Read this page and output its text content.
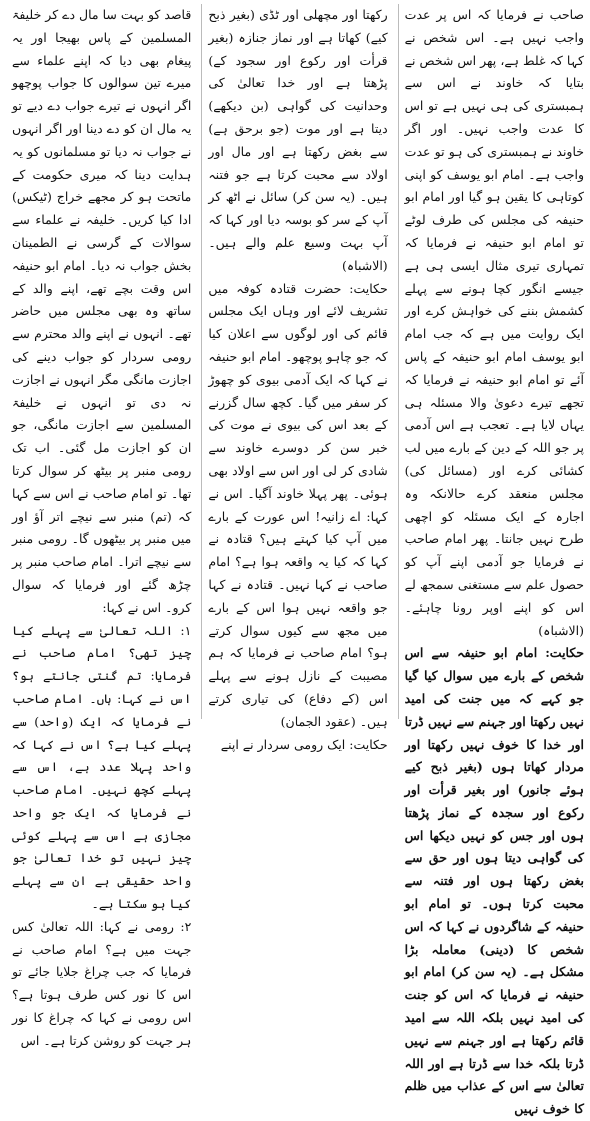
صاحب نے فرمایا کہ اس پر عدت واجب نہیں ہے۔ اس شخص نے کہا کہ غلط ہے، پھر اس شخص نے بتایا کہ خاوند نے اس سے ہمبستری کی ہی نہیں ہے تو اس کا عدت واجب نہیں۔ اور اگر خاوند نے ہمبستری کی ہو تو عدت واجب ہے۔ امام ابو یوسف کو اپنی کوتاہی کا یقین ہو گیا اور امام ابو حنیفہ کی مجلس کی طرف لوٹے تو امام ابو حنیفہ نے فرمایا کہ تمہاری تیری مثال ایسی ہی ہے جیسے انگور کچا ہونے سے پہلے کشمش بننے کی خواہش کرے اور ایک روایت میں ہے کہ جب امام ابو یوسف امام ابو حنیفہ کے پاس آئے تو امام ابو حنیفہ نے فرمایا کہ تجھے تیرے دعویٰ والا مسئلہ ہی یہاں لایا ہے۔ تعجب ہے اس آدمی پر جو اللہ کے دین کے بارے میں لب کشائی کرے اور (مسائل کی) مجلس منعقد کرے حالانکہ وہ اجارہ کے ایک مسئلہ کو اچھی طرح نہیں جانتا۔ پھر امام صاحب نے فرمایا جو آدمی اپنے آپ کو حصول علم سے مستغنی سمجھ لے اس کو اپنے اوپر رونا چاہئے۔ (الاشباہ)

حکایت: امام ابو حنیفہ سے اس شخص کے بارے میں سوال کیا گیا جو کہے کہ میں جنت کی امید نہیں رکھتا اور جہنم سے نہیں ڈرتا اور خدا کا خوف نہیں رکھتا اور مردار کھاتا ہوں (بغیر ذبح کیے ہوئے جانور) اور بغیر قرأت اور رکوع اور سجدہ کے نماز پڑھتا ہوں اور جس کو نہیں دیکھا اس کی گواہی دیتا ہوں اور حق سے بغض رکھتا ہوں اور فتنہ سے محبت کرتا ہوں۔ تو امام ابو حنیفہ کے شاگردوں نے کہا کہ اس شخص کا (دینی) معاملہ بڑا مشکل ہے۔ (یہ سن کر) امام ابو حنیفہ نے فرمایا کہ اس کو جنت کی امید نہیں بلکہ اللہ سے امید قائم رکھتا ہے اور جہنم سے نہیں ڈرتا بلکہ خدا سے ڈرتا ہے اور اللہ تعالیٰ سے اس کے عذاب میں ظلم کا خوف نہیں

رکھتا اور مچھلی اور ٹڈی (بغیر ذبح کیے) کھاتا ہے اور نماز جنازہ (بغیر قرأت اور رکوع اور سجود کے) پڑھتا ہے اور خدا تعالیٰ کی وحدانیت کی گواہی (بن دیکھے) دیتا ہے اور موت (جو برحق ہے) سے بغض رکھتا ہے اور مال اور اولاد سے محبت کرتا ہے جو فتنہ ہیں۔ (یہ سن کر) سائل نے اٹھ کر آپ کے سر کو بوسہ دیا اور کہا کہ آپ بہت وسیع علم والے ہیں۔ (الاشباہ)

حکایت: حضرت قتادہ کوفہ میں تشریف لائے اور وہاں ایک مجلس قائم کی اور لوگوں سے اعلان کیا کہ جو چاہو پوچھو۔ امام ابو حنیفہ نے کہا کہ ایک آدمی بیوی کو چھوڑ کر سفر میں گیا۔ کچھ سال گزرنے کے بعد اس کی بیوی نے موت کی خبر سن کر دوسرے خاوند سے شادی کر لی اور اس سے اولاد بھی ہوئی۔ پھر پہلا خاوند آگیا۔ اس نے کہا: اے زانیہ! اس عورت کے بارے میں آپ کیا کہتے ہیں؟ قتادہ نے کہا کہ کیا یہ واقعہ ہوا ہے؟ امام صاحب نے کہا نہیں۔ قتادہ نے کہا جو واقعہ نہیں ہوا اس کے بارے میں مجھ سے کیوں سوال کرتے ہو؟ امام صاحب نے فرمایا کہ ہم مصیبت کے نازل ہونے سے پہلے اس (کے دفاع) کی تیاری کرتے ہیں۔ (عقود الجمان)

حکایت: ایک رومی سردار نے اپنے

قاصد کو بہت سا مال دے کر خلیفۃ المسلمین کے پاس بھیجا اور یہ پیغام بھی دیا کہ اپنے علماء سے میرے تین سوالوں کا جواب پوچھو اگر انہوں نے تیرے جواب دے دیے تو یہ مال ان کو دے دینا اور اگر انہوں نے جواب نہ دیا تو مسلمانوں کو یہ ہدایت دینا کہ میری حکومت کے ماتحت ہو کر مجھے خراج (ٹیکس) ادا کیا کریں۔ خلیفہ نے علماء سے سوالات کے گرسی نے الطمینان بخش جواب نہ دیا۔ امام ابو حنیفہ اس وقت بچے تھے، اپنے والد کے ساتھ وہ بھی مجلس میں حاضر تھے۔ انہوں نے اپنے والد محترم سے رومی سردار کو جواب دینے کی اجازت مانگی مگر انہوں نے اجازت نہ دی تو انہوں نے خلیفۃ المسلمین سے اجازت مانگی، جو ان کو اجازت مل گئی۔ اب تک رومی منبر پر بیٹھ کر سوال کرتا تھا۔ تو امام صاحب نے اس سے کہا کہ (تم) منبر سے نیچے اتر آؤ اور میں منبر پر بیٹھوں گا۔ رومی منبر سے نیچے اترا۔ امام صاحب منبر پر چڑھ گئے اور فرمایا کہ سوال کرو۔ اس نے کہا:

۱: اللہ تعالیٰ سے پہلے کیا چیز تھی؟ امام صاحب نے فرمایا: تم گنتی جانتے ہو؟ اس نے کہا: ہاں۔ امام صاحب نے فرمایا کہ ایک (واحد) سے پہلے کیا ہے؟ اس نے کہا کہ واحد پہلا عدد ہے، اس سے پہلے کچھ نہیں۔ امام صاحب نے فرمایا کہ ایک جو واحد مجازی ہے اس سے پہلے کوئی چیز نہیں تو خدا تعالیٰ جو واحد حقیقی ہے ان سے پہلے کیا ہو سکتا ہے۔

۲: رومی نے کہا: اللہ تعالیٰ کس جہت میں ہے؟ امام صاحب نے فرمایا کہ جب چراغ جلایا جائے تو اس کا نور کس طرف ہوتا ہے؟ اس رومی نے کہا کہ چراغ کا نور ہر جہت کو روشن کرتا ہے۔ اس
